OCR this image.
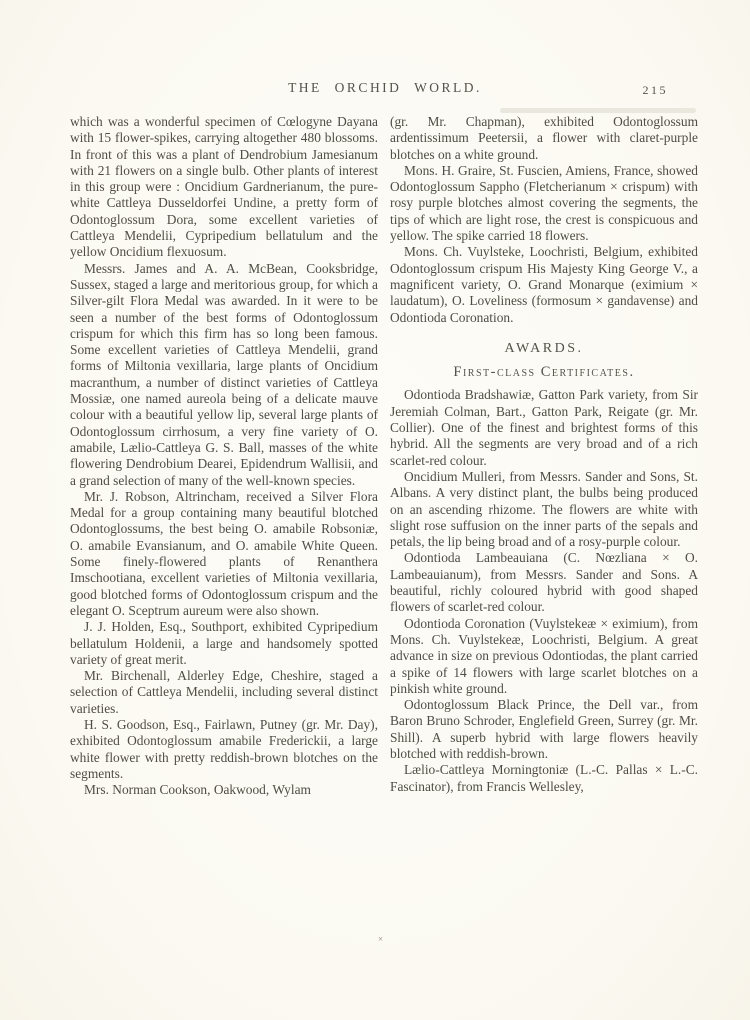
THE ORCHID WORLD.	215

which was a wonderful specimen of Cœlogyne Dayana with 15 flower-spikes, carrying altogether 480 blossoms. In front of this was a plant of Dendrobium Jamesianum with 21 flowers on a single bulb. Other plants of interest in this group were : Oncidium Gardnerianum, the pure-white Cattleya Dusseldorfei Undine, a pretty form of Odontoglossum Dora, some excellent varieties of Cattleya Mendelii, Cypripedium bellatulum and the yellow Oncidium flexuosum.

Messrs. James and A. A. McBean, Cooksbridge, Sussex, staged a large and meritorious group, for which a Silver-gilt Flora Medal was awarded. In it were to be seen a number of the best forms of Odontoglossum crispum for which this firm has so long been famous. Some excellent varieties of Cattleya Mendelii, grand forms of Miltonia vexillaria, large plants of Oncidium macranthum, a number of distinct varieties of Cattleya Mossiæ, one named aureola being of a delicate mauve colour with a beautiful yellow lip, several large plants of Odontoglossum cirrhosum, a very fine variety of O. amabile, Lælio-Cattleya G. S. Ball, masses of the white flowering Dendrobium Dearei, Epidendrum Wallisii, and a grand selection of many of the well-known species.

Mr. J. Robson, Altrincham, received a Silver Flora Medal for a group containing many beautiful blotched Odontoglossums, the best being O. amabile Robsoniæ, O. amabile Evansianum, and O. amabile White Queen. Some finely-flowered plants of Renanthera Imschootiana, excellent varieties of Miltonia vexillaria, good blotched forms of Odontoglossum crispum and the elegant O. Sceptrum aureum were also shown.

J. J. Holden, Esq., Southport, exhibited Cypripedium bellatulum Holdenii, a large and handsomely spotted variety of great merit.

Mr. Birchenall, Alderley Edge, Cheshire, staged a selection of Cattleya Mendelii, including several distinct varieties.

H. S. Goodson, Esq., Fairlawn, Putney (gr. Mr. Day), exhibited Odontoglossum amabile Frederickii, a large white flower with pretty reddish-brown blotches on the segments.

Mrs. Norman Cookson, Oakwood, Wylam

(gr. Mr. Chapman), exhibited Odontoglossum ardentissimum Peetersii, a flower with claret-purple blotches on a white ground.

Mons. H. Graire, St. Fuscien, Amiens, France, showed Odontoglossum Sappho (Fletcherianum × crispum) with rosy purple blotches almost covering the segments, the tips of which are light rose, the crest is conspicuous and yellow. The spike carried 18 flowers.

Mons. Ch. Vuylsteke, Loochristi, Belgium, exhibited Odontoglossum crispum His Majesty King George V., a magnificent variety, O. Grand Monarque (eximium × laudatum), O. Loveliness (formosum × gandavense) and Odontioda Coronation.

AWARDS.
First-class Certificates.

Odontioda Bradshawiæ, Gatton Park variety, from Sir Jeremiah Colman, Bart., Gatton Park, Reigate (gr. Mr. Collier). One of the finest and brightest forms of this hybrid. All the segments are very broad and of a rich scarlet-red colour.

Oncidium Mulleri, from Messrs. Sander and Sons, St. Albans. A very distinct plant, the bulbs being produced on an ascending rhizome. The flowers are white with slight rose suffusion on the inner parts of the sepals and petals, the lip being broad and of a rosy-purple colour.

Odontioda Lambeauiana (C. Nœzliana × O. Lambeauianum), from Messrs. Sander and Sons. A beautiful, richly coloured hybrid with good shaped flowers of scarlet-red colour.

Odontioda Coronation (Vuylstekeæ × eximium), from Mons. Ch. Vuylstekeæ, Loochristi, Belgium. A great advance in size on previous Odontiodas, the plant carried a spike of 14 flowers with large scarlet blotches on a pinkish white ground.

Odontoglossum Black Prince, the Dell var., from Baron Bruno Schroder, Englefield Green, Surrey (gr. Mr. Shill). A superb hybrid with large flowers heavily blotched with reddish-brown.

Lælio-Cattleya Morningtoniæ (L.-C. Pallas × L.-C. Fascinator), from Francis Wellesley,

×
